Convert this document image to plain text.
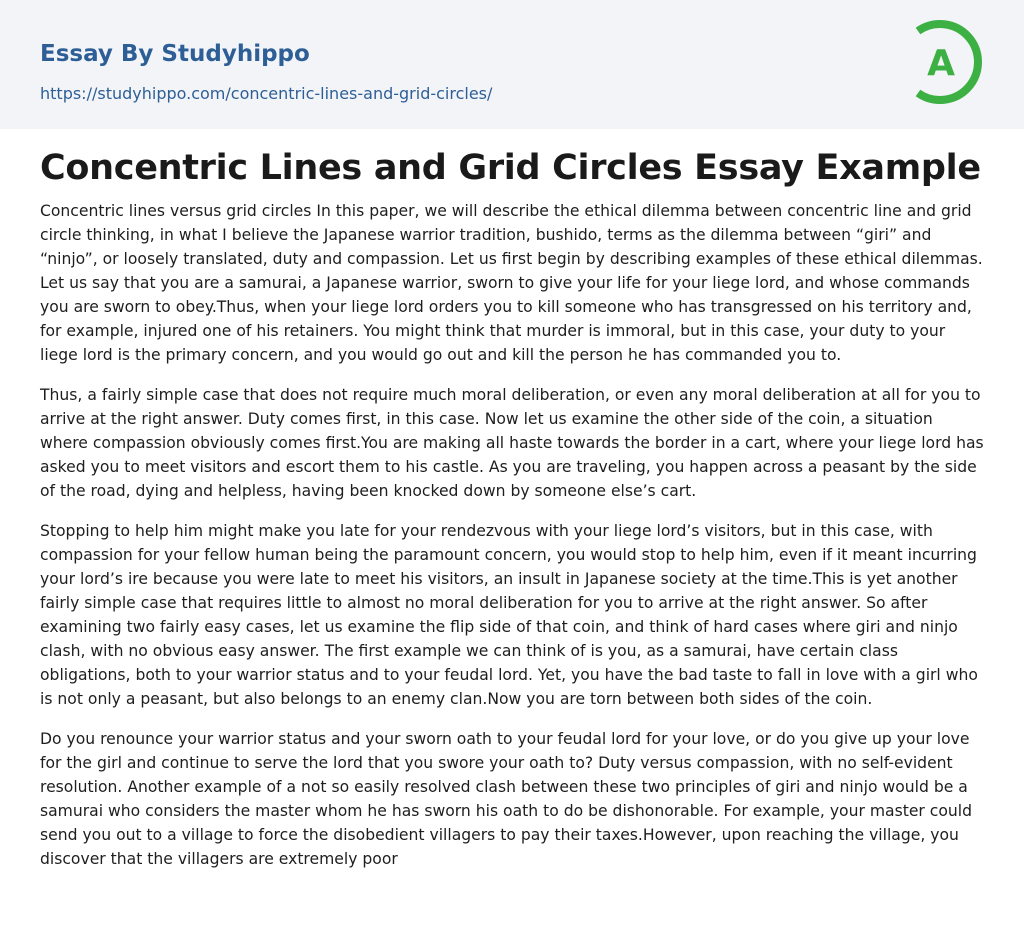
Essay By Studyhippo
https://studyhippo.com/concentric-lines-and-grid-circles/
A
Concentric Lines and Grid Circles Essay Example

Concentric lines versus grid circles In this paper, we will describe the ethical dilemma between concentric line and grid circle thinking, in what I believe the Japanese warrior tradition, bushido, terms as the dilemma between “giri” and “ninjo”, or loosely translated, duty and compassion. Let us first begin by describing examples of these ethical dilemmas. Let us say that you are a samurai, a Japanese warrior, sworn to give your life for your liege lord, and whose commands you are sworn to obey.Thus, when your liege lord orders you to kill someone who has transgressed on his territory and, for example, injured one of his retainers. You might think that murder is immoral, but in this case, your duty to your liege lord is the primary concern, and you would go out and kill the person he has commanded you to.

Thus, a fairly simple case that does not require much moral deliberation, or even any moral deliberation at all for you to arrive at the right answer. Duty comes first, in this case. Now let us examine the other side of the coin, a situation where compassion obviously comes first.You are making all haste towards the border in a cart, where your liege lord has asked you to meet visitors and escort them to his castle. As you are traveling, you happen across a peasant by the side of the road, dying and helpless, having been knocked down by someone else’s cart.

Stopping to help him might make you late for your rendezvous with your liege lord’s visitors, but in this case, with compassion for your fellow human being the paramount concern, you would stop to help him, even if it meant incurring your lord’s ire because you were late to meet his visitors, an insult in Japanese society at the time.This is yet another fairly simple case that requires little to almost no moral deliberation for you to arrive at the right answer. So after examining two fairly easy cases, let us examine the flip side of that coin, and think of hard cases where giri and ninjo clash, with no obvious easy answer. The first example we can think of is you, as a samurai, have certain class obligations, both to your warrior status and to your feudal lord. Yet, you have the bad taste to fall in love with a girl who is not only a peasant, but also belongs to an enemy clan.Now you are torn between both sides of the coin.

Do you renounce your warrior status and your sworn oath to your feudal lord for your love, or do you give up your love for the girl and continue to serve the lord that you swore your oath to? Duty versus compassion, with no self-evident resolution. Another example of a not so easily resolved clash between these two principles of giri and ninjo would be a samurai who considers the master whom he has sworn his oath to do be dishonorable. For example, your master could send you out to a village to force the disobedient villagers to pay their taxes.However, upon reaching the village, you discover that the villagers are extremely poor
